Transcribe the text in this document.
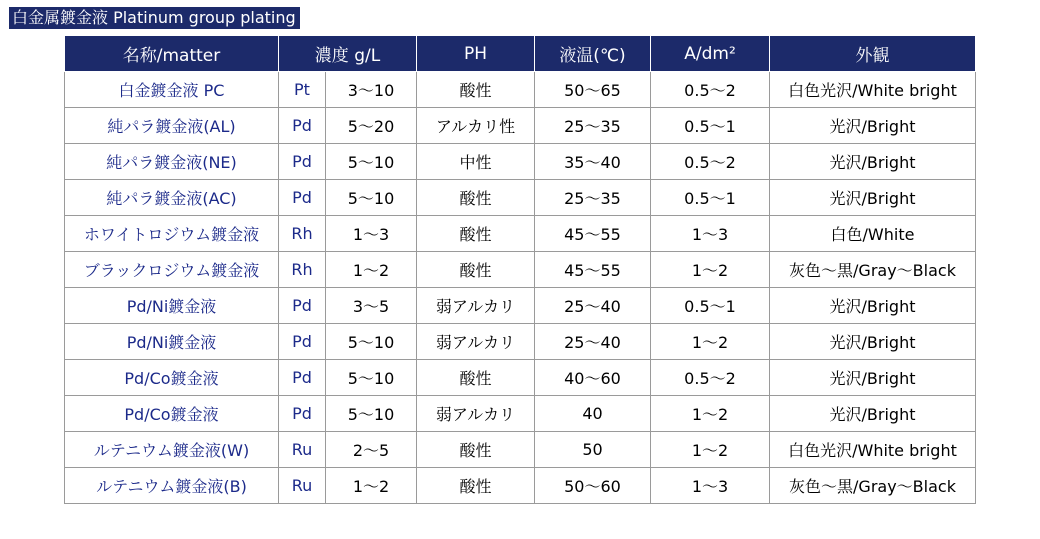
白金属鍍金液 Platinum group plating
名称/matter	濃度 g/L		PH	液温(℃)	A/dm²	外観
白金鍍金液 PC	Pt	3〜10	酸性	50〜65	0.5〜2	白色光沢/White bright
純パラ鍍金液(AL)	Pd	5〜20	アルカリ性	25〜35	0.5〜1	光沢/Bright
純パラ鍍金液(NE)	Pd	5〜10	中性	35〜40	0.5〜2	光沢/Bright
純パラ鍍金液(AC)	Pd	5〜10	酸性	25〜35	0.5〜1	光沢/Bright
ホワイトロジウム鍍金液	Rh	1〜3	酸性	45〜55	1〜3	白色/White
ブラックロジウム鍍金液	Rh	1〜2	酸性	45〜55	1〜2	灰色〜黒/Gray〜Black
Pd/Ni鍍金液	Pd	3〜5	弱アルカリ	25〜40	0.5〜1	光沢/Bright
Pd/Ni鍍金液	Pd	5〜10	弱アルカリ	25〜40	1〜2	光沢/Bright
Pd/Co鍍金液	Pd	5〜10	酸性	40〜60	0.5〜2	光沢/Bright
Pd/Co鍍金液	Pd	5〜10	弱アルカリ	40	1〜2	光沢/Bright
ルテニウム鍍金液(W)	Ru	2〜5	酸性	50	1〜2	白色光沢/White bright
ルテニウム鍍金液(B)	Ru	1〜2	酸性	50〜60	1〜3	灰色〜黒/Gray〜Black
